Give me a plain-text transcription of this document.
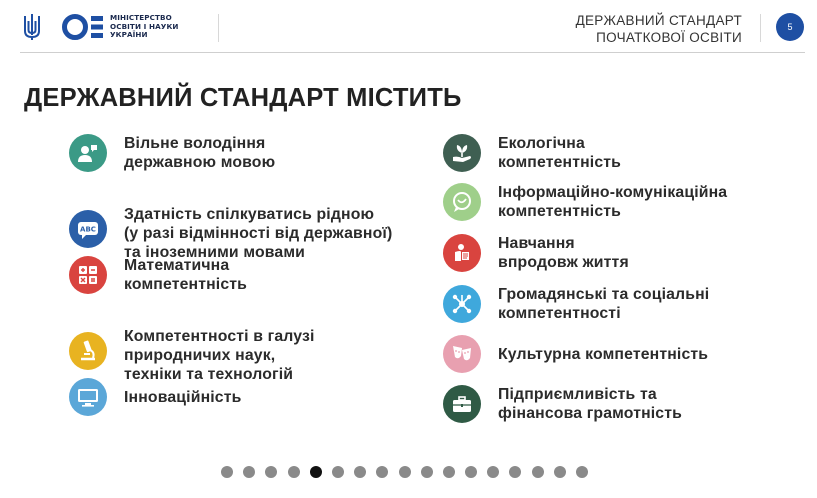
МІНІСТЕРСТВО
ОСВІТИ І НАУКИ
УКРАЇНИ
ДЕРЖАВНИЙ СТАНДАРТ
ПОЧАТКОВОЇ ОСВІТИ
5
ДЕРЖАВНИЙ СТАНДАРТ МІСТИТЬ
Вільне володіння
державною мовою
ABC
Здатність спілкуватись рідною
(у разі відмінності від державної)
та іноземними мовами
Математична
компетентність
Компетентності в галузі
природничих наук,
техніки та технологій
Інноваційність
Екологічна
компетентність
Інформаційно-комунікаційна
компетентність
Навчання
впродовж життя
Громадянські та соціальні
компетентності
Культурна компетентність
Підприємливість та
фінансова грамотність
